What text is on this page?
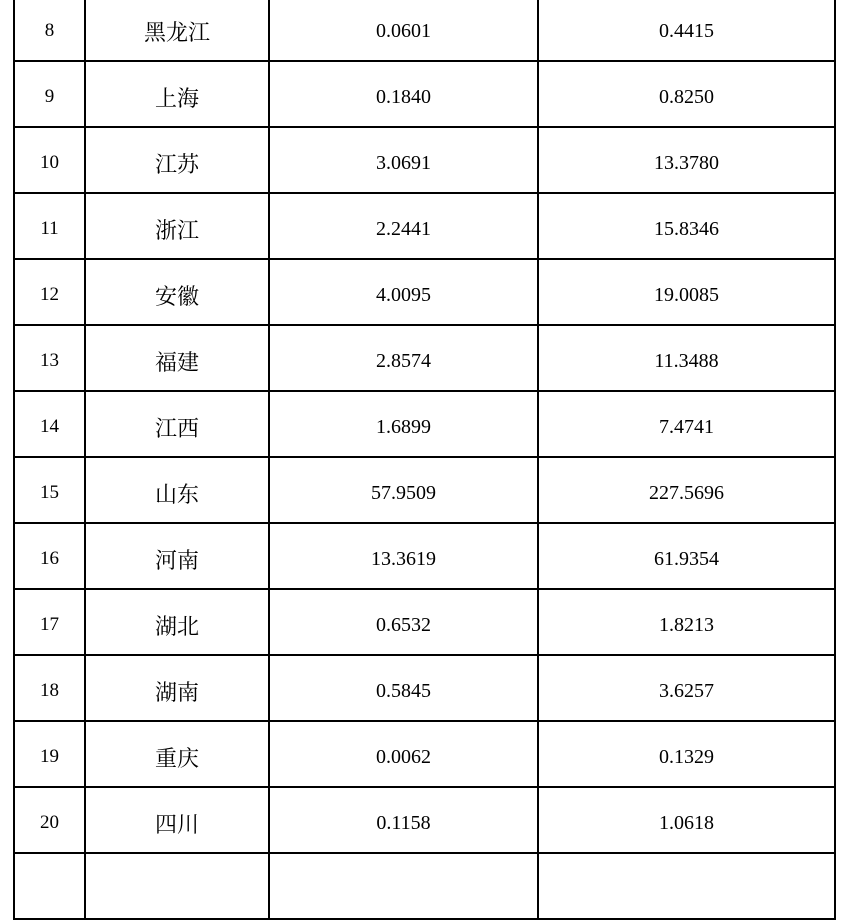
8	黑龙江	0.0601	0.4415

9	上海	0.1840	0.8250

10	江苏	3.0691	13.3780

11	浙江	2.2441	15.8346

12	安徽	4.0095	19.0085

13	福建	2.8574	11.3488

14	江西	1.6899	7.4741

15	山东	57.9509	227.5696

16	河南	13.3619	61.9354

17	湖北	0.6532	1.8213

18	湖南	0.5845	3.6257

19	重庆	0.0062	0.1329

20	四川	0.1158	1.0618
